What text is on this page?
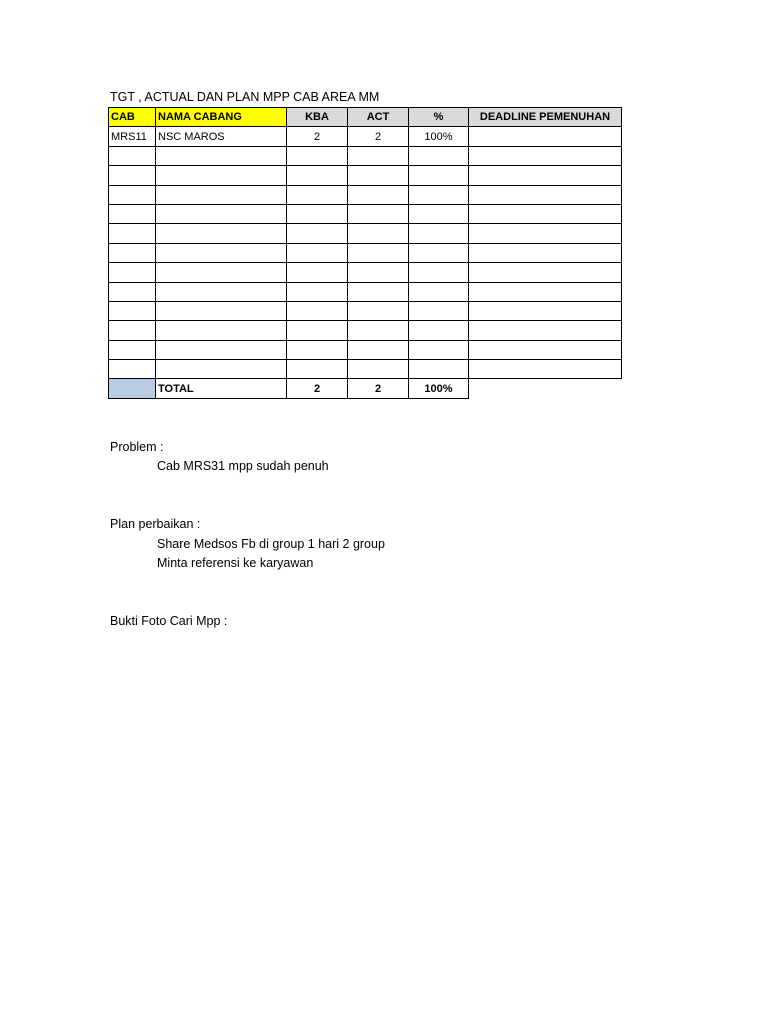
TGT , ACTUAL DAN PLAN MPP CAB AREA MM
CAB	NAMA CABANG	KBA	ACT	%	DEADLINE PEMENUHAN
MRS11	NSC MAROS	2	2	100%	

	TOTAL	2	2	100%	
Problem :
Cab MRS31 mpp sudah penuh
Plan perbaikan :
Share Medsos Fb di group 1 hari 2 group
Minta referensi ke karyawan
Bukti Foto Cari Mpp :
